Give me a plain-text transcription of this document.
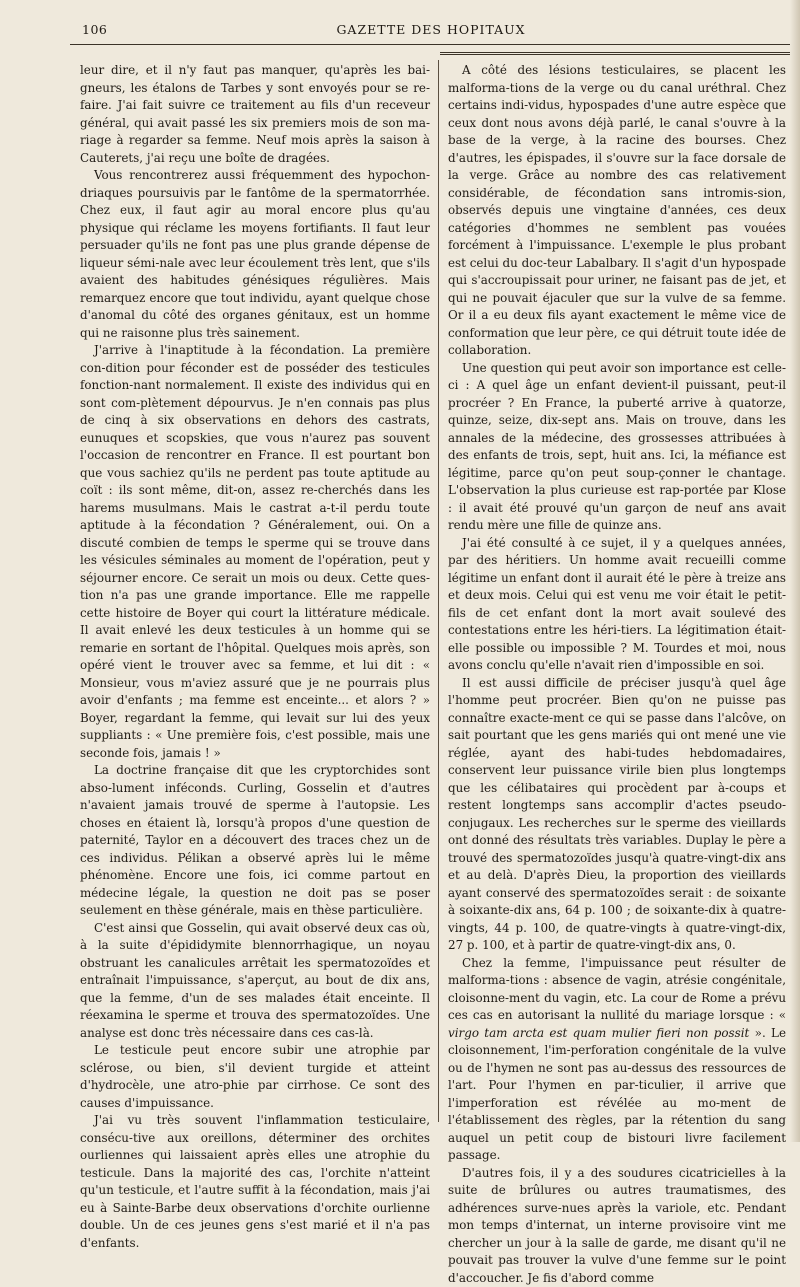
106	GAZETTE DES HOPITAUX

leur dire, et il n'y faut pas manquer, qu'après les bai-gneurs, les étalons de Tarbes y sont envoyés pour se re-faire. J'ai fait suivre ce traitement au fils d'un receveur général, qui avait passé les six premiers mois de son ma-riage à regarder sa femme. Neuf mois après la saison à Cauterets, j'ai reçu une boîte de dragées.

Vous rencontrerez aussi fréquemment des hypochon-driaques poursuivis par le fantôme de la spermatorrhée. Chez eux, il faut agir au moral encore plus qu'au physique qui réclame les moyens fortifiants. Il faut leur persuader qu'ils ne font pas une plus grande dépense de liqueur sémi-nale avec leur écoulement très lent, que s'ils avaient des habitudes génésiques régulières. Mais remarquez encore que tout individu, ayant quelque chose d'anomal du côté des organes génitaux, est un homme qui ne raisonne plus très sainement.

J'arrive à l'inaptitude à la fécondation. La première con-dition pour féconder est de posséder des testicules fonction-nant normalement. Il existe des individus qui en sont com-plètement dépourvus. Je n'en connais pas plus de cinq à six observations en dehors des castrats, eunuques et scopskies, que vous n'aurez pas souvent l'occasion de rencontrer en France. Il est pourtant bon que vous sachiez qu'ils ne perdent pas toute aptitude au coït : ils sont même, dit-on, assez re-cherchés dans les harems musulmans. Mais le castrat a-t-il perdu toute aptitude à la fécondation ? Généralement, oui. On a discuté combien de temps le sperme qui se trouve dans les vésicules séminales au moment de l'opération, peut y séjourner encore. Ce serait un mois ou deux. Cette ques-tion n'a pas une grande importance. Elle me rappelle cette histoire de Boyer qui court la littérature médicale. Il avait enlevé les deux testicules à un homme qui se remarie en sortant de l'hôpital. Quelques mois après, son opéré vient le trouver avec sa femme, et lui dit : « Monsieur, vous m'aviez assuré que je ne pourrais plus avoir d'enfants ; ma femme est enceinte... et alors ? » Boyer, regardant la femme, qui levait sur lui des yeux suppliants : « Une première fois, c'est possible, mais une seconde fois, jamais ! »

La doctrine française dit que les cryptorchides sont abso-lument inféconds. Curling, Gosselin et d'autres n'avaient jamais trouvé de sperme à l'autopsie. Les choses en étaient là, lorsqu'à propos d'une question de paternité, Taylor en a découvert des traces chez un de ces individus. Pélikan a observé après lui le même phénomène. Encore une fois, ici comme partout en médecine légale, la question ne doit pas se poser seulement en thèse générale, mais en thèse particulière.

C'est ainsi que Gosselin, qui avait observé deux cas où, à la suite d'épididymite blennorrhagique, un noyau obstruant les canalicules arrêtait les spermatozoïdes et entraînait l'impuissance, s'aperçut, au bout de dix ans, que la femme, d'un de ses malades était enceinte. Il réexamina le sperme et trouva des spermatozoïdes. Une analyse est donc très nécessaire dans ces cas-là.

Le testicule peut encore subir une atrophie par sclérose, ou bien, s'il devient turgide et atteint d'hydrocèle, une atro-phie par cirrhose. Ce sont des causes d'impuissance.

J'ai vu très souvent l'inflammation testiculaire, consécu-tive aux oreillons, déterminer des orchites ourliennes qui laissaient après elles une atrophie du testicule. Dans la majorité des cas, l'orchite n'atteint qu'un testicule, et l'autre suffit à la fécondation, mais j'ai eu à Sainte-Barbe deux observations d'orchite ourlienne double. Un de ces jeunes gens s'est marié et il n'a pas d'enfants.

A côté des lésions testiculaires, se placent les malforma-tions de la verge ou du canal uréthral. Chez certains indi-vidus, hypospades d'une autre espèce que ceux dont nous avons déjà parlé, le canal s'ouvre à la base de la verge, à la racine des bourses. Chez d'autres, les épispades, il s'ouvre sur la face dorsale de la verge. Grâce au nombre des cas relativement considérable, de fécondation sans intromis-sion, observés depuis une vingtaine d'années, ces deux catégories d'hommes ne semblent pas vouées forcément à l'impuissance. L'exemple le plus probant est celui du doc-teur Labalbary. Il s'agit d'un hypospade qui s'accroupissait pour uriner, ne faisant pas de jet, et qui ne pouvait éjaculer que sur la vulve de sa femme. Or il a eu deux fils ayant exactement le même vice de conformation que leur père, ce qui détruit toute idée de collaboration.

Une question qui peut avoir son importance est celle-ci : A quel âge un enfant devient-il puissant, peut-il procréer ? En France, la puberté arrive à quatorze, quinze, seize, dix-sept ans. Mais on trouve, dans les annales de la médecine, des grossesses attribuées à des enfants de trois, sept, huit ans. Ici, la méfiance est légitime, parce qu'on peut soup-çonner le chantage. L'observation la plus curieuse est rap-portée par Klose : il avait été prouvé qu'un garçon de neuf ans avait rendu mère une fille de quinze ans.

J'ai été consulté à ce sujet, il y a quelques années, par des héritiers. Un homme avait recueilli comme légitime un enfant dont il aurait été le père à treize ans et deux mois. Celui qui est venu me voir était le petit-fils de cet enfant dont la mort avait soulevé des contestations entre les héri-tiers. La légitimation était-elle possible ou impossible ? M. Tourdes et moi, nous avons conclu qu'elle n'avait rien d'impossible en soi.

Il est aussi difficile de préciser jusqu'à quel âge l'homme peut procréer. Bien qu'on ne puisse pas connaître exacte-ment ce qui se passe dans l'alcôve, on sait pourtant que les gens mariés qui ont mené une vie réglée, ayant des habi-tudes hebdomadaires, conservent leur puissance virile bien plus longtemps que les célibataires qui procèdent par à-coups et restent longtemps sans accomplir d'actes pseudo-conjugaux. Les recherches sur le sperme des vieillards ont donné des résultats très variables. Duplay le père a trouvé des spermatozoïdes jusqu'à quatre-vingt-dix ans et au delà. D'après Dieu, la proportion des vieillards ayant conservé des spermatozoïdes serait : de soixante à soixante-dix ans, 64 p. 100 ; de soixante-dix à quatre-vingts, 44 p. 100, de quatre-vingts à quatre-vingt-dix, 27 p. 100, et à partir de quatre-vingt-dix ans, 0.

Chez la femme, l'impuissance peut résulter de malforma-tions : absence de vagin, atrésie congénitale, cloisonne-ment du vagin, etc. La cour de Rome a prévu ces cas en autorisant la nullité du mariage lorsque : « virgo tam arcta est quam mulier fieri non possit ». Le cloisonnement, l'im-perforation congénitale de la vulve ou de l'hymen ne sont pas au-dessus des ressources de l'art. Pour l'hymen en par-ticulier, il arrive que l'imperforation est révélée au mo-ment de l'établissement des règles, par la rétention du sang auquel un petit coup de bistouri livre facilement passage.

D'autres fois, il y a des soudures cicatricielles à la suite de brûlures ou autres traumatismes, des adhérences surve-nues après la variole, etc. Pendant mon temps d'internat, un interne provisoire vint me chercher un jour à la salle de garde, me disant qu'il ne pouvait pas trouver la vulve d'une femme sur le point d'accoucher. Je fis d'abord comme
